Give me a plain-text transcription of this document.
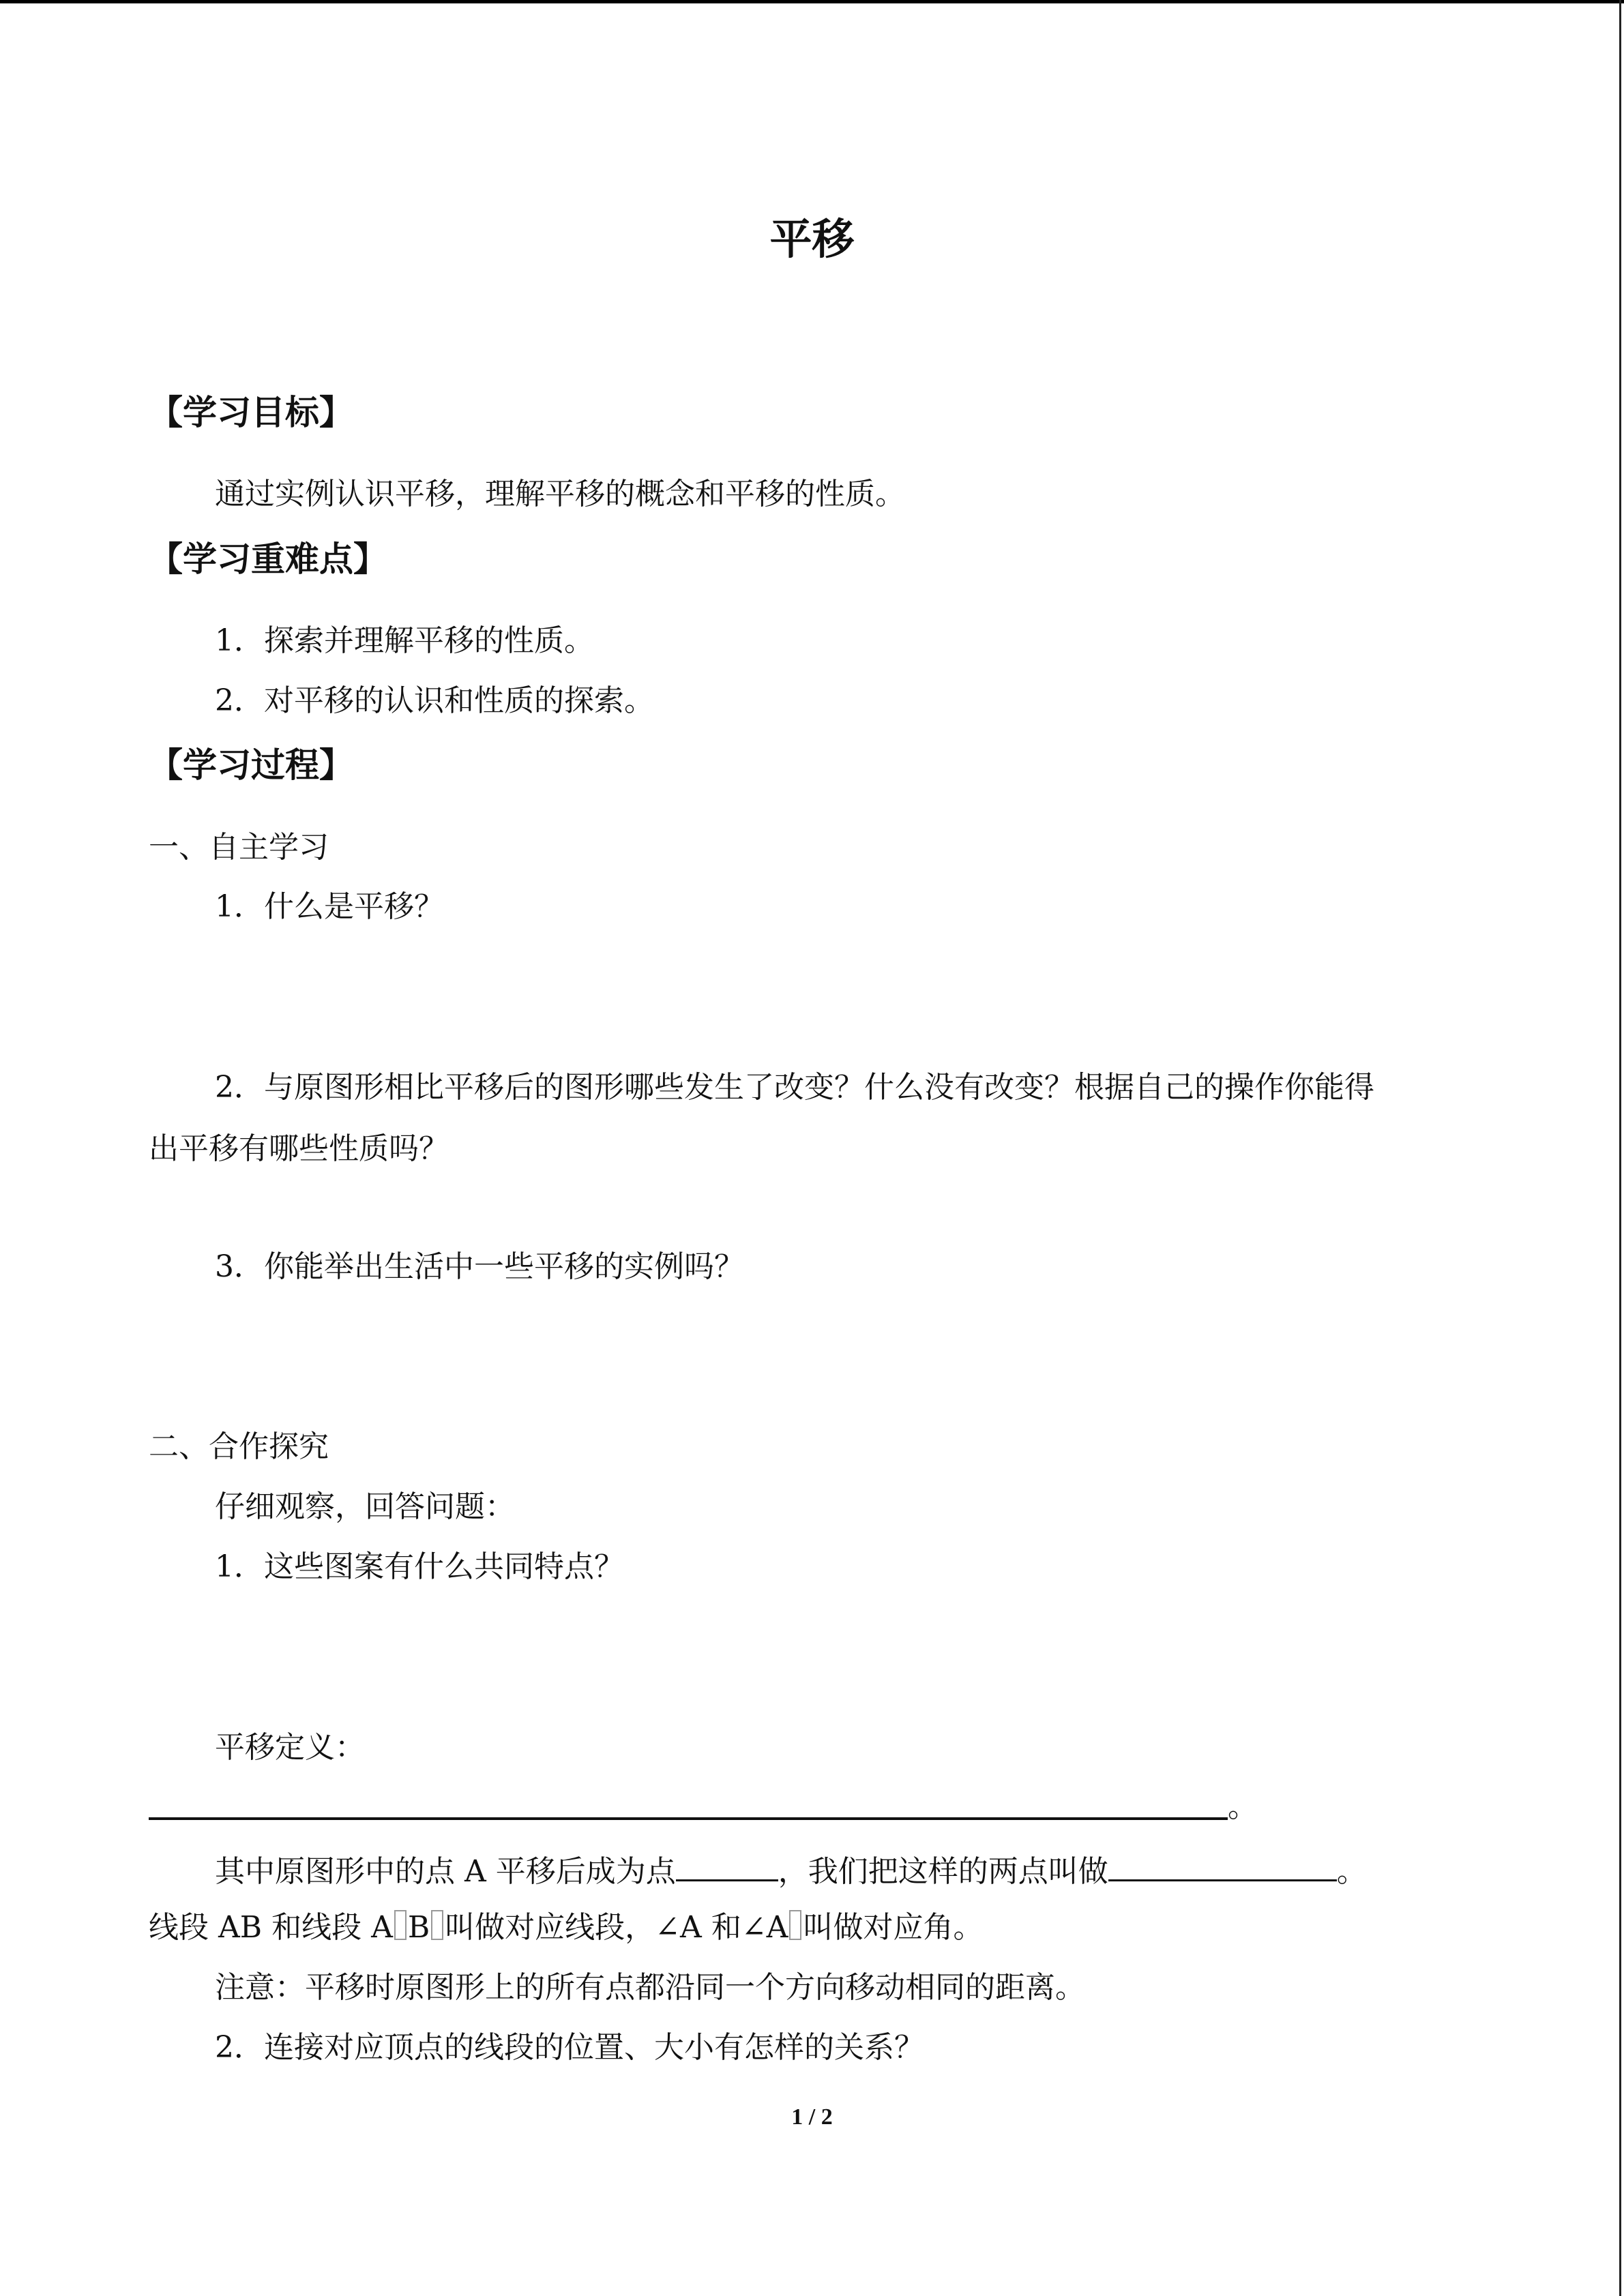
平移
【学习目标】
通过实例认识平移，理解平移的概念和平移的性质。
【学习重难点】
1．探索并理解平移的性质。
2．对平移的认识和性质的探索。
【学习过程】
一、自主学习
1．什么是平移？
2．与原图形相比平移后的图形哪些发生了改变？什么没有改变？根据自己的操作你能得
出平移有哪些性质吗？
3．你能举出生活中一些平移的实例吗？
二、合作探究
仔细观察，回答问题：
1．这些图案有什么共同特点？
平移定义：
。
其中原图形中的点 A 平移后成为点	，我们把这样的两点叫做	。
线段 AB 和线段 A B 叫做对应线段，∠A 和∠A 叫做对应角。
注意：平移时原图形上的所有点都沿同一个方向移动相同的距离。
2．连接对应顶点的线段的位置、大小有怎样的关系？
1 / 2
